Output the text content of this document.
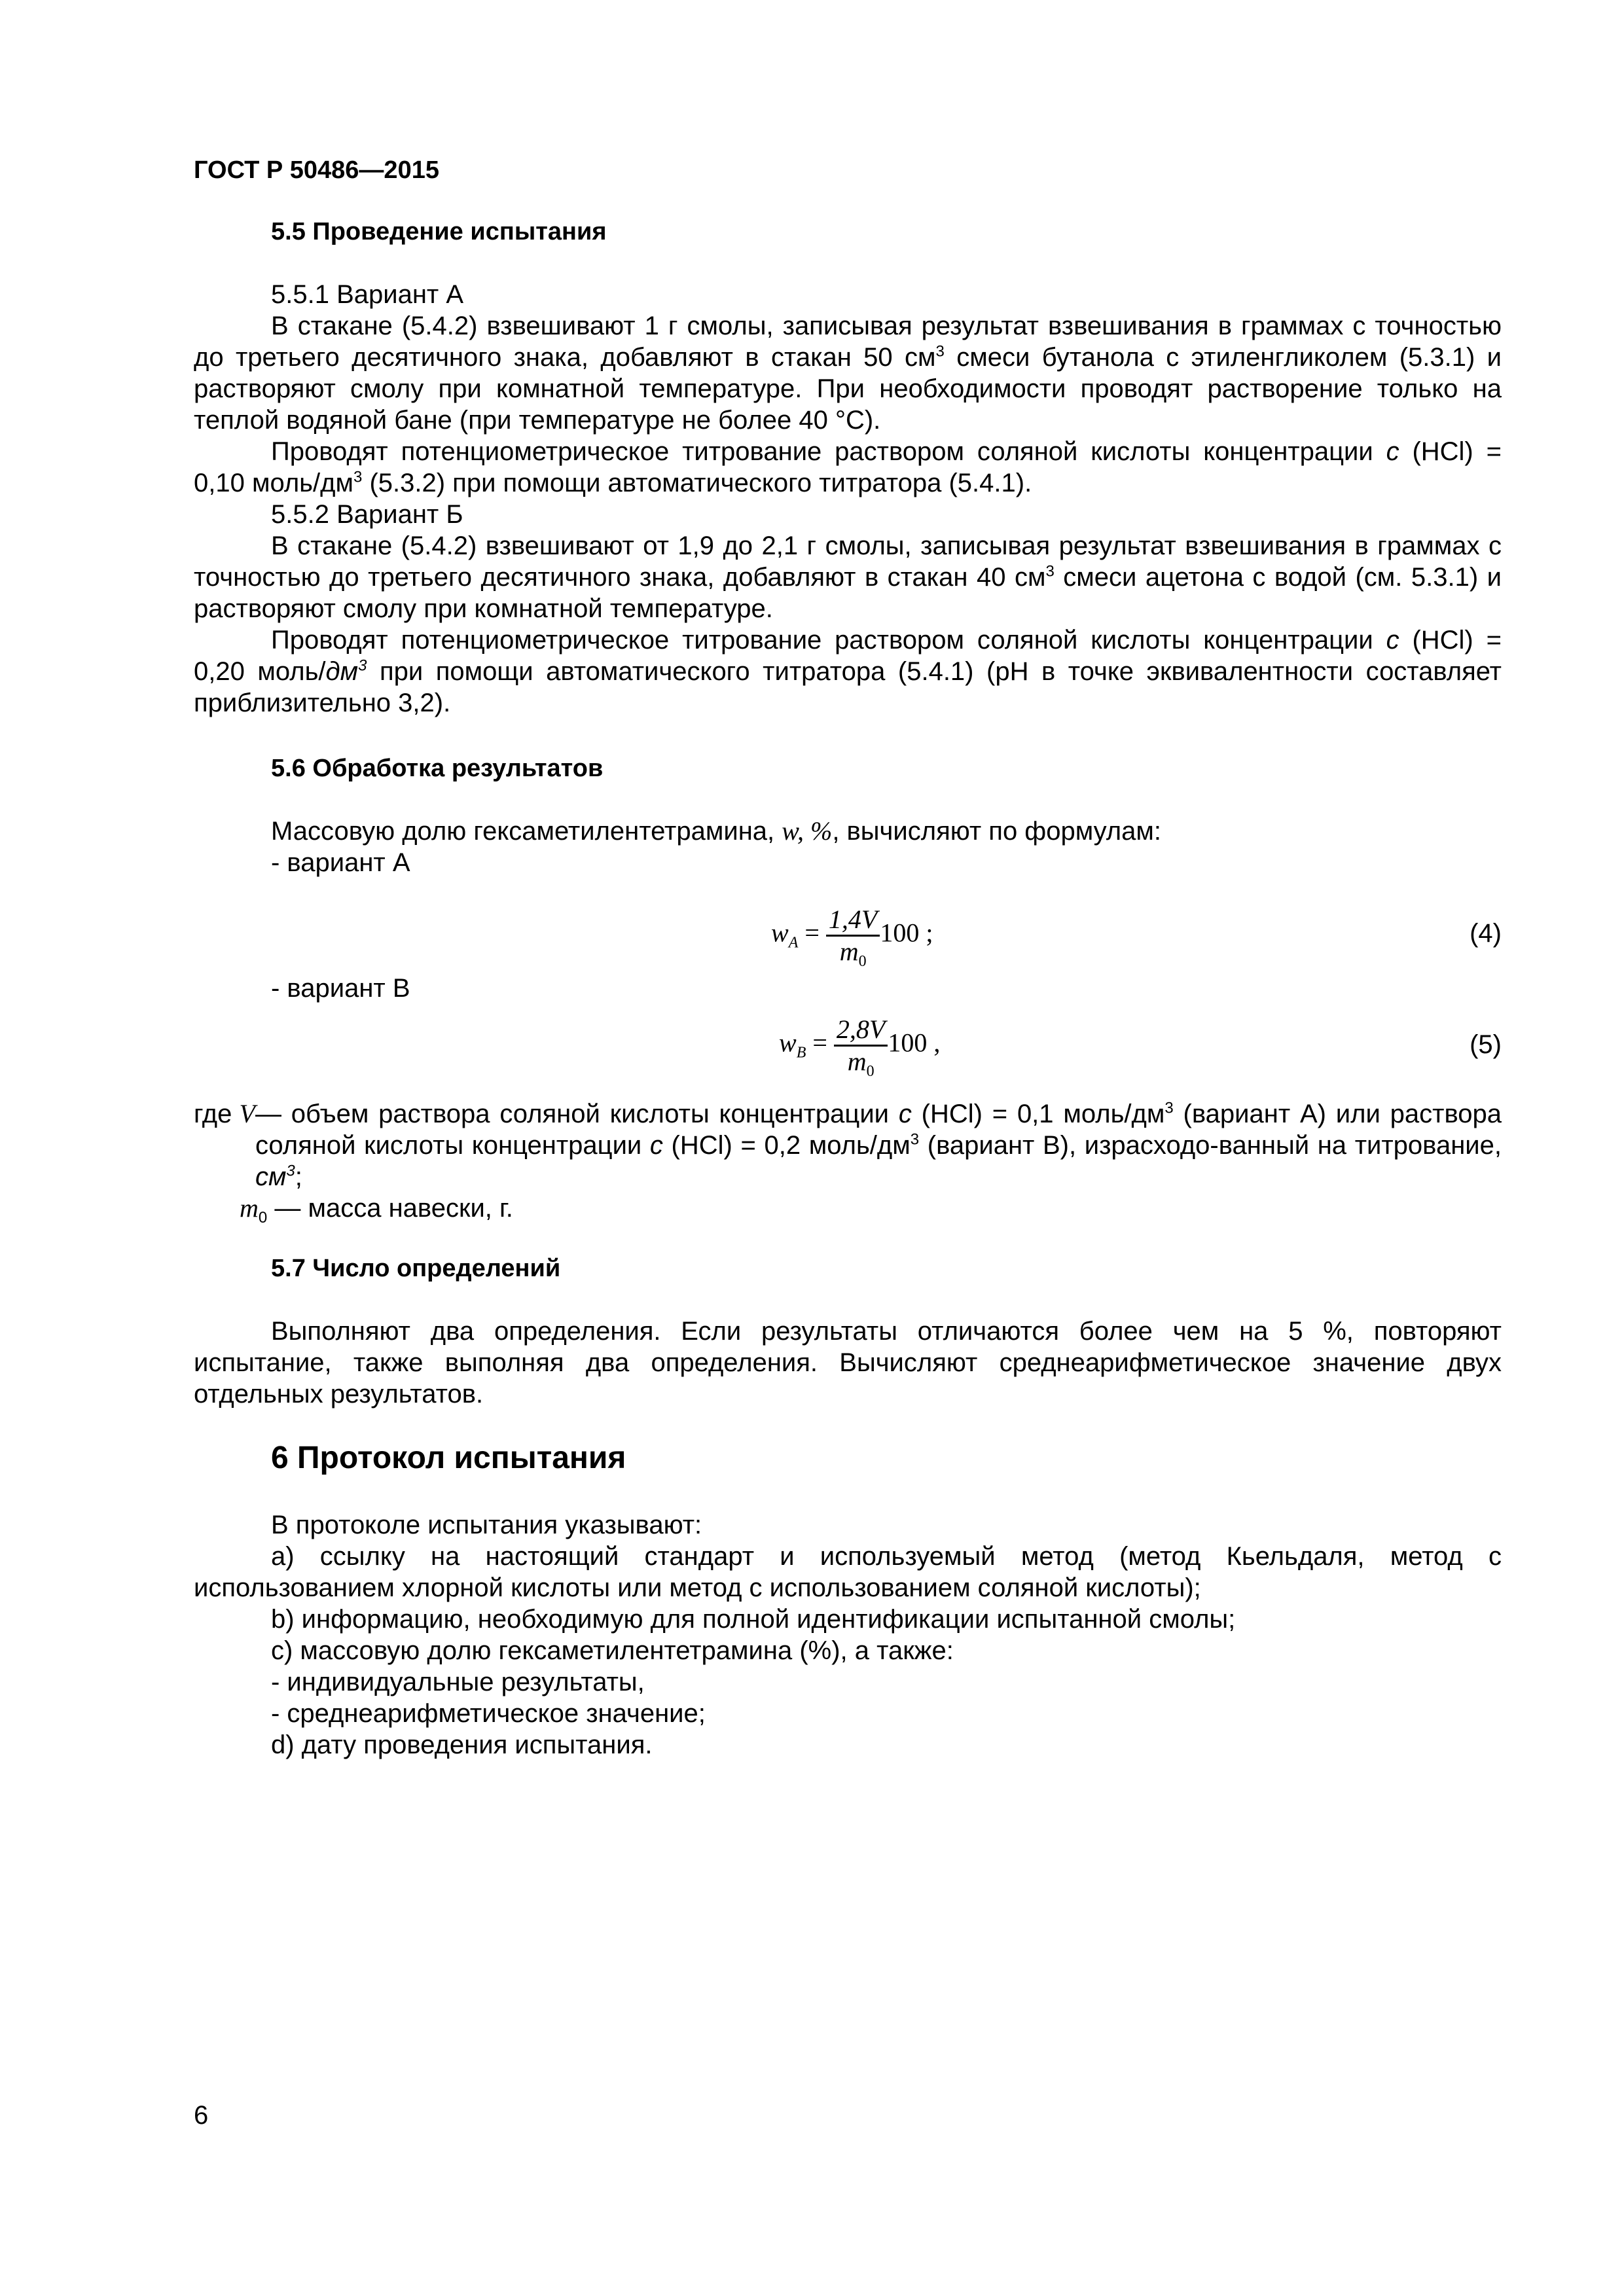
ГОСТ Р 50486—2015
5.5 Проведение испытания

5.5.1 Вариант А

В стакане (5.4.2) взвешивают 1 г смолы, записывая результат взвешивания в граммах с точностью до третьего десятичного знака, добавляют в стакан 50 $см^3$ смеси бутанола с этиленгликолем (5.3.1) и растворяют смолу при комнатной температуре. При необходимости проводят растворение только на теплой водяной бане (при температуре не более 40 °С).

Проводят потенциометрическое титрование раствором соляной кислоты концентрации с (HCl) = 0,10 моль/$дм^3$ (5.3.2) при помощи автоматического титратора (5.4.1).

5.5.2 Вариант Б

В стакане (5.4.2) взвешивают от 1,9 до 2,1 г смолы, записывая результат взвешивания в граммах с точностью до третьего десятичного знака, добавляют в стакан 40 $см^3$ смеси ацетона с водой (см. 5.3.1) и растворяют смолу при комнатной температуре.

Проводят потенциометрическое титрование раствором соляной кислоты концентрации с (HCl) = 0,20 моль/$дм^3$ при помощи автоматического титратора (5.4.1) (pH в точке эквивалентности составляет приблизительно 3,2).

5.6 Обработка результатов

Массовую долю гексаметилентетрамина, w, %, вычисляют по формулам:

- вариант А

$w_A = \frac{1,4V}{m_0} 100$ ;	(4)

- вариант В

$w_B = \frac{2,8V}{m_0} 100$ ,	(5)
где V — объем раствора соляной кислоты концентрации с (HCl) = 0,1 моль/$дм^3$ (вариант А) или раствора соляной кислоты концентрации с (HCl) = 0,2 моль/$дм^3$ (вариант В), израсходо-ванный на титрование, $см^3$;
$m_0$ — масса навески, г.
5.7 Число определений

Выполняют два определения. Если результаты отличаются более чем на 5 %, повторяют испытание, также выполняя два определения. Вычисляют среднеарифметическое значение двух отдельных результатов.

6 Протокол испытания

В протоколе испытания указывают:

a) ссылку на настоящий стандарт и используемый метод (метод Кьельдаля, метод с использованием хлорной кислоты или метод с использованием соляной кислоты);

b) информацию, необходимую для полной идентификации испытанной смолы;

c) массовую долю гексаметилентетрамина (%), а также:

- индивидуальные результаты,

- среднеарифметическое значение;

d) дату проведения испытания.

6
